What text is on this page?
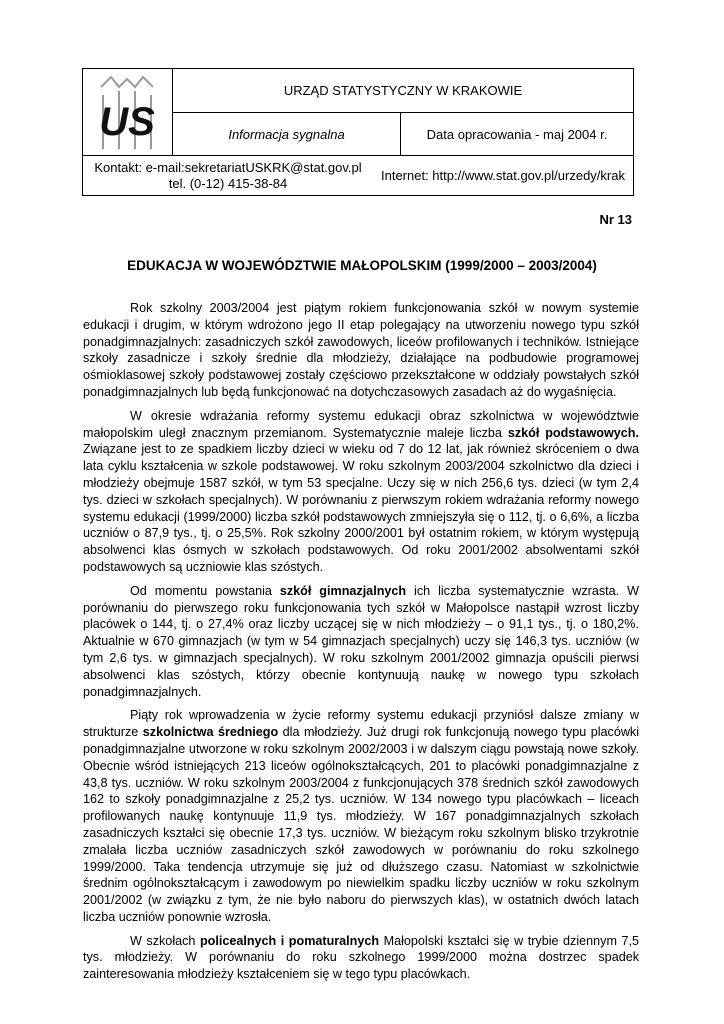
US
URZĄD STATYSTYCZNY W KRAKOWIE
Informacja sygnalna	Data opracowania - maj 2004 r.
Kontakt: e-mail:sekretariatUSKRK@stat.gov.pl
tel. (0-12) 415-38-84
Internet: http://www.stat.gov.pl/urzedy/krak
Nr 13
EDUKACJA W WOJEWÓDZTWIE MAŁOPOLSKIM (1999/2000 – 2003/2004)

Rok szkolny 2003/2004 jest piątym rokiem funkcjonowania szkół w nowym systemie edukacji i drugim, w którym wdrożono jego II etap polegający na utworzeniu nowego typu szkół ponadgimnazjalnych: zasadniczych szkół zawodowych, liceów profilowanych i techników. Istniejące szkoły zasadnicze i szkoły średnie dla młodzieży, działające na podbudowie programowej ośmioklasowej szkoły podstawowej zostały częściowo przekształcone w oddziały powstałych szkół ponadgimnazjalnych lub będą funkcjonować na dotychczasowych zasadach aż do wygaśnięcia.

W okresie wdrażania reformy systemu edukacji obraz szkolnictwa w województwie małopolskim uległ znacznym przemianom. Systematycznie maleje liczba szkół podstawowych. Związane jest to ze spadkiem liczby dzieci w wieku od 7 do 12 lat, jak również skróceniem o dwa lata cyklu kształcenia w szkole podstawowej. W roku szkolnym 2003/2004 szkolnictwo dla dzieci i młodzieży obejmuje 1587 szkół, w tym 53 specjalne. Uczy się w nich 256,6 tys. dzieci (w tym 2,4 tys. dzieci w szkołach specjalnych). W porównaniu z pierwszym rokiem wdrażania reformy nowego systemu edukacji (1999/2000) liczba szkół podstawowych zmniejszyła się o 112, tj. o 6,6%, a liczba uczniów o 87,9 tys., tj. o 25,5%. Rok szkolny 2000/2001 był ostatnim rokiem, w którym występują absolwenci klas ósmych w szkołach podstawowych. Od roku 2001/2002 absolwentami szkół podstawowych są uczniowie klas szóstych.

Od momentu powstania szkół gimnazjalnych ich liczba systematycznie wzrasta. W porównaniu do pierwszego roku funkcjonowania tych szkół w Małopolsce nastąpił wzrost liczby placówek o 144, tj. o 27,4% oraz liczby uczącej się w nich młodzieży – o 91,1 tys., tj. o 180,2%. Aktualnie w 670 gimnazjach (w tym w 54 gimnazjach specjalnych) uczy się 146,3 tys. uczniów (w tym 2,6 tys. w gimnazjach specjalnych). W roku szkolnym 2001/2002 gimnazja opuścili pierwsi absolwenci klas szóstych, którzy obecnie kontynuują naukę w nowego typu szkołach ponadgimnazjalnych.

Piąty rok wprowadzenia w życie reformy systemu edukacji przyniósł dalsze zmiany w strukturze szkolnictwa średniego dla młodzieży. Już drugi rok funkcjonują nowego typu placówki ponadgimnazjalne utworzone w roku szkolnym 2002/2003 i w dalszym ciągu powstają nowe szkoły. Obecnie wśród istniejących 213 liceów ogólnokształcących, 201 to placówki ponadgimnazjalne z 43,8 tys. uczniów. W roku szkolnym 2003/2004 z funkcjonujących 378 średnich szkół zawodowych 162 to szkoły ponadgimnazjalne z 25,2 tys. uczniów. W 134 nowego typu placówkach – liceach profilowanych naukę kontynuuje 11,9 tys. młodzieży. W 167 ponadgimnazjalnych szkołach zasadniczych kształci się obecnie 17,3 tys. uczniów. W bieżącym roku szkolnym blisko trzykrotnie zmalała liczba uczniów zasadniczych szkół zawodowych w porównaniu do roku szkolnego 1999/2000. Taka tendencja utrzymuje się już od dłuższego czasu. Natomiast w szkolnictwie średnim ogólnokształcącym i zawodowym po niewielkim spadku liczby uczniów w roku szkolnym 2001/2002 (w związku z tym, że nie było naboru do pierwszych klas), w ostatnich dwóch latach liczba uczniów ponownie wzrosła.

W szkołach policealnych i pomaturalnych Małopolski kształci się w trybie dziennym 7,5 tys. młodzieży. W porównaniu do roku szkolnego 1999/2000 można dostrzec spadek zainteresowania młodzieży kształceniem się w tego typu placówkach.
